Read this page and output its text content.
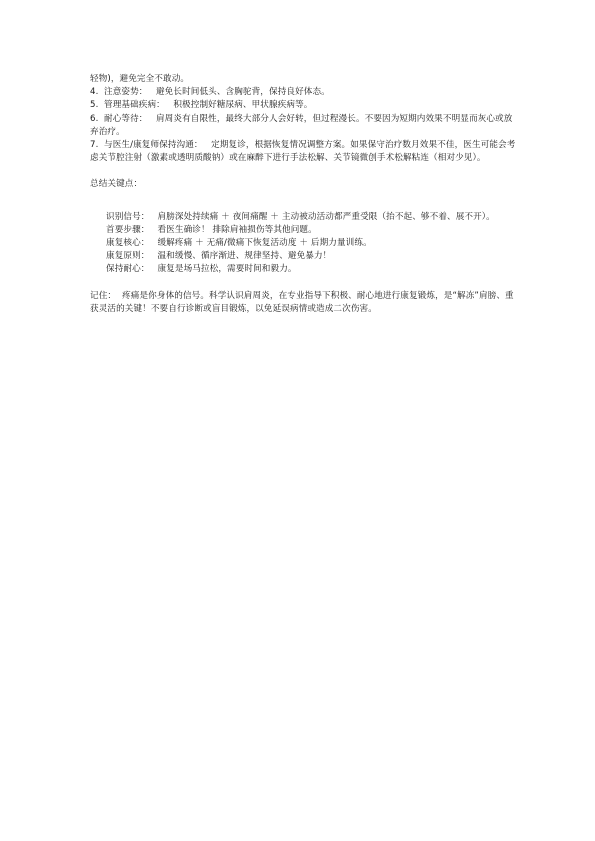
轻物)，避免完全不敢动。

4. 注意姿势： 避免长时间低头、含胸驼背，保持良好体态。

5. 管理基础疾病： 积极控制好糖尿病、甲状腺疾病等。

6. 耐心等待： 肩周炎有自限性，最终大部分人会好转，但过程漫长。不要因为短期内效果不明显而灰心或放弃治疗。

7. 与医生/康复师保持沟通： 定期复诊，根据恢复情况调整方案。如果保守治疗数月效果不佳，医生可能会考虑关节腔注射（激素或透明质酸钠）或在麻醉下进行手法松解、关节镜微创手术松解粘连（相对少见）。

总结关键点：

识别信号： 肩膀深处持续痛 ＋ 夜间痛醒 ＋ 主动被动活动都严重受限（抬不起、够不着、展不开）。

首要步骤： 看医生确诊！ 排除肩袖损伤等其他问题。

康复核心： 缓解疼痛 ＋ 无痛/微痛下恢复活动度 ＋ 后期力量训练。

康复原则： 温和缓慢、循序渐进、规律坚持、避免暴力！

保持耐心： 康复是场马拉松，需要时间和毅力。

记住： 疼痛是你身体的信号。科学认识肩周炎，在专业指导下积极、耐心地进行康复锻炼，是“解冻”肩膀、重获灵活的关键！不要自行诊断或盲目锻炼，以免延误病情或造成二次伤害。
